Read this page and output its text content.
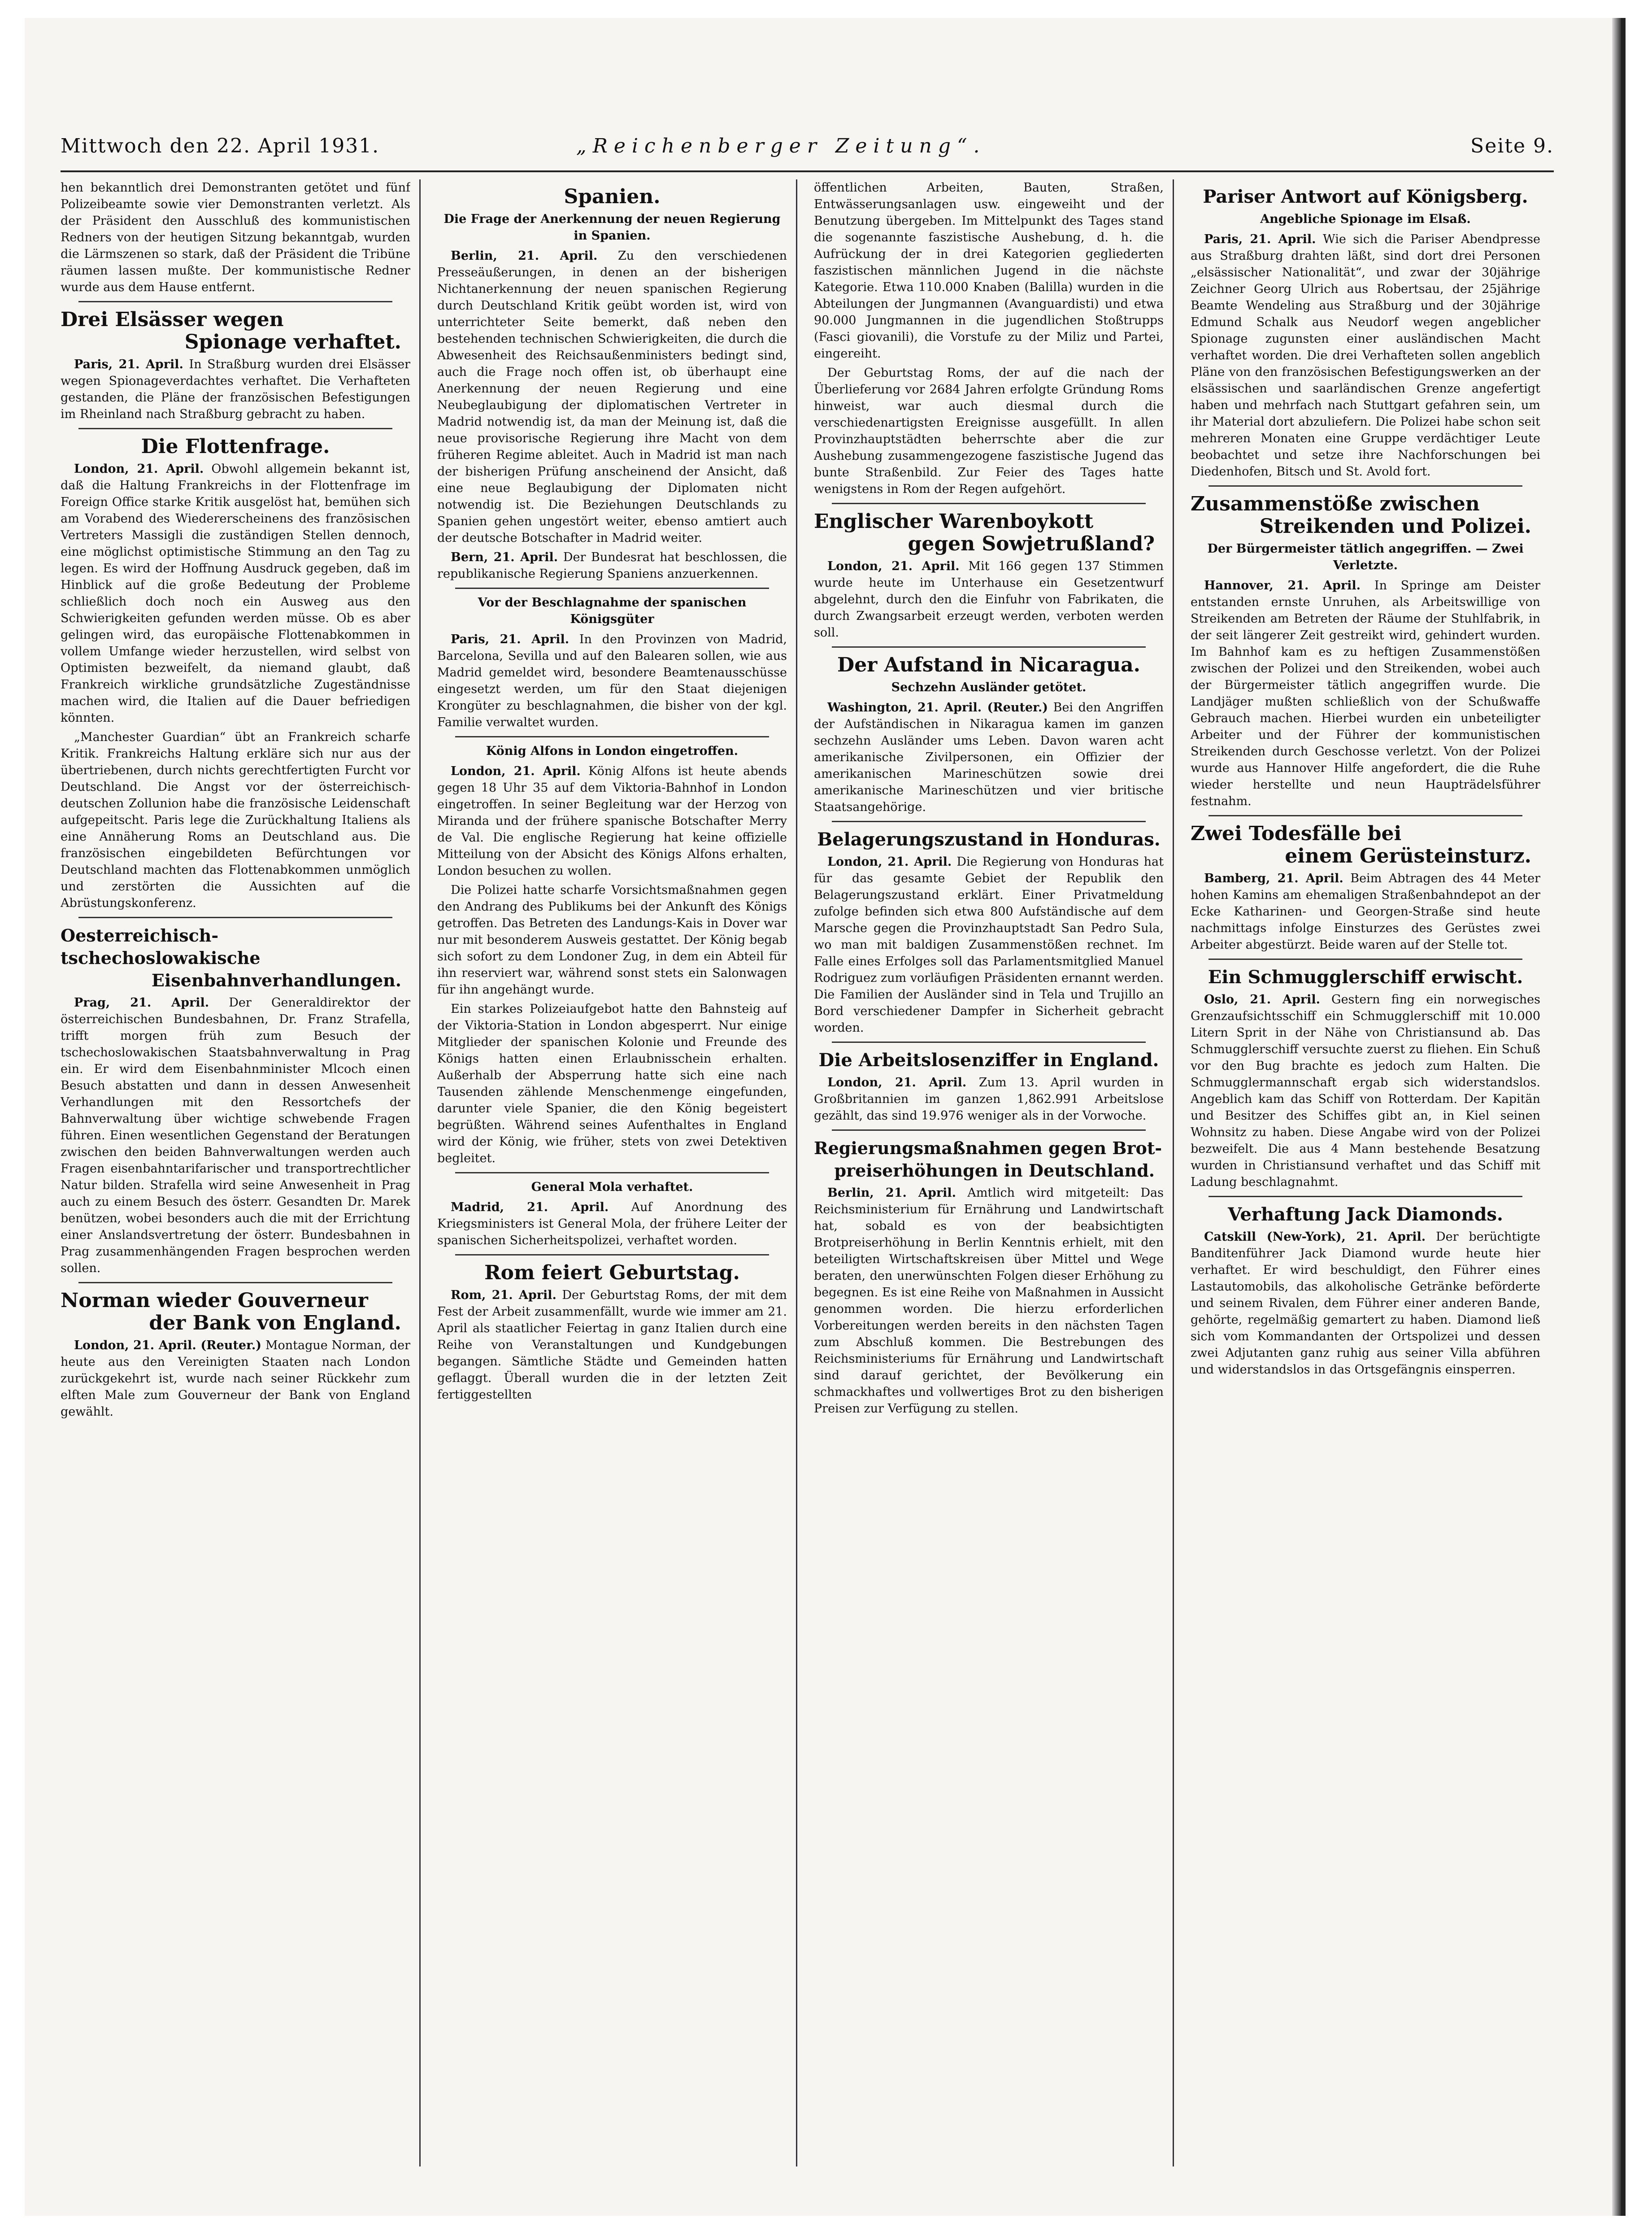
Mittwoch den 22. April 1931.	„Reichenberger Zeitung“.	Seite 9.

hen bekanntlich drei Demonstranten getötet und fünf Polizeibeamte sowie vier Demonstranten verletzt. Als der Präsident den Ausschluß des kommunistischen Redners von der heutigen Sitzung bekanntgab, wurden die Lärmszenen so stark, daß der Präsident die Tribüne räumen lassen mußte. Der kommunistische Redner wurde aus dem Hause entfernt.

Drei Elsässer wegen
Spionage verhaftet.

Paris, 21. April. In Straßburg wurden drei Elsässer wegen Spionageverdachtes verhaftet. Die Verhafteten gestanden, die Pläne der französischen Befestigungen im Rheinland nach Straßburg gebracht zu haben.

Die Flottenfrage.

London, 21. April. Obwohl allgemein bekannt ist, daß die Haltung Frankreichs in der Flottenfrage im Foreign Office starke Kritik ausgelöst hat, bemühen sich am Vorabend des Wiedererscheinens des französischen Vertreters Massigli die zuständigen Stellen dennoch, eine möglichst optimistische Stimmung an den Tag zu legen. Es wird der Hoffnung Ausdruck gegeben, daß im Hinblick auf die große Bedeutung der Probleme schließlich doch noch ein Ausweg aus den Schwierigkeiten gefunden werden müsse. Ob es aber gelingen wird, das europäische Flottenabkommen in vollem Umfange wieder herzustellen, wird selbst von Optimisten bezweifelt, da niemand glaubt, daß Frankreich wirkliche grundsätzliche Zugeständnisse machen wird, die Italien auf die Dauer befriedigen könnten.

„Manchester Guardian“ übt an Frankreich scharfe Kritik. Frankreichs Haltung erkläre sich nur aus der übertriebenen, durch nichts gerechtfertigten Furcht vor Deutschland. Die Angst vor der österreichisch-deutschen Zollunion habe die französische Leidenschaft aufgepeitscht. Paris lege die Zurückhaltung Italiens als eine Annäherung Roms an Deutschland aus. Die französischen eingebildeten Befürchtungen vor Deutschland machten das Flottenabkommen unmöglich und zerstörten die Aussichten auf die Abrüstungskonferenz.

Oesterreichisch-tschechoslowakische
Eisenbahnverhandlungen.

Prag, 21. April. Der Generaldirektor der österreichischen Bundesbahnen, Dr. Franz Strafella, trifft morgen früh zum Besuch der tschechoslowakischen Staatsbahnverwaltung in Prag ein. Er wird dem Eisenbahnminister Mlcoch einen Besuch abstatten und dann in dessen Anwesenheit Verhandlungen mit den Ressortchefs der Bahnverwaltung über wichtige schwebende Fragen führen. Einen wesentlichen Gegenstand der Beratungen zwischen den beiden Bahnverwaltungen werden auch Fragen eisenbahntarifarischer und transportrechtlicher Natur bilden. Strafella wird seine Anwesenheit in Prag auch zu einem Besuch des österr. Gesandten Dr. Marek benützen, wobei besonders auch die mit der Errichtung einer Anslandsvertretung der österr. Bundesbahnen in Prag zusammenhängenden Fragen besprochen werden sollen.

Norman wieder Gouverneur
der Bank von England.

London, 21. April. (Reuter.) Montague Norman, der heute aus den Vereinigten Staaten nach London zurückgekehrt ist, wurde nach seiner Rückkehr zum elften Male zum Gouverneur der Bank von England gewählt.

Spanien.
Die Frage der Anerkennung der neuen Regierung in Spanien.

Berlin, 21. April. Zu den verschiedenen Presseäußerungen, in denen an der bisherigen Nichtanerkennung der neuen spanischen Regierung durch Deutschland Kritik geübt worden ist, wird von unterrichteter Seite bemerkt, daß neben den bestehenden technischen Schwierigkeiten, die durch die Abwesenheit des Reichsaußenministers bedingt sind, auch die Frage noch offen ist, ob überhaupt eine Anerkennung der neuen Regierung und eine Neubeglaubigung der diplomatischen Vertreter in Madrid notwendig ist, da man der Meinung ist, daß die neue provisorische Regierung ihre Macht von dem früheren Regime ableitet. Auch in Madrid ist man nach der bisherigen Prüfung anscheinend der Ansicht, daß eine neue Beglaubigung der Diplomaten nicht notwendig ist. Die Beziehungen Deutschlands zu Spanien gehen ungestört weiter, ebenso amtiert auch der deutsche Botschafter in Madrid weiter.

Bern, 21. April. Der Bundesrat hat beschlossen, die republikanische Regierung Spaniens anzuerkennen.

Vor der Beschlagnahme der spanischen Königsgüter

Paris, 21. April. In den Provinzen von Madrid, Barcelona, Sevilla und auf den Balearen sollen, wie aus Madrid gemeldet wird, besondere Beamtenausschüsse eingesetzt werden, um für den Staat diejenigen Krongüter zu beschlagnahmen, die bisher von der kgl. Familie verwaltet wurden.

König Alfons in London eingetroffen.

London, 21. April. König Alfons ist heute abends gegen 18 Uhr 35 auf dem Viktoria-Bahnhof in London eingetroffen. In seiner Begleitung war der Herzog von Miranda und der frühere spanische Botschafter Merry de Val. Die englische Regierung hat keine offizielle Mitteilung von der Absicht des Königs Alfons erhalten, London besuchen zu wollen.

Die Polizei hatte scharfe Vorsichtsmaßnahmen gegen den Andrang des Publikums bei der Ankunft des Königs getroffen. Das Betreten des Landungs-Kais in Dover war nur mit besonderem Ausweis gestattet. Der König begab sich sofort zu dem Londoner Zug, in dem ein Abteil für ihn reserviert war, während sonst stets ein Salonwagen für ihn angehängt wurde.

Ein starkes Polizeiaufgebot hatte den Bahnsteig auf der Viktoria-Station in London abgesperrt. Nur einige Mitglieder der spanischen Kolonie und Freunde des Königs hatten einen Erlaubnisschein erhalten. Außerhalb der Absperrung hatte sich eine nach Tausenden zählende Menschenmenge eingefunden, darunter viele Spanier, die den König begeistert begrüßten. Während seines Aufenthaltes in England wird der König, wie früher, stets von zwei Detektiven begleitet.

General Mola verhaftet.

Madrid, 21. April. Auf Anordnung des Kriegsministers ist General Mola, der frühere Leiter der spanischen Sicherheitspolizei, verhaftet worden.

Rom feiert Geburtstag.

Rom, 21. April. Der Geburtstag Roms, der mit dem Fest der Arbeit zusammenfällt, wurde wie immer am 21. April als staatlicher Feiertag in ganz Italien durch eine Reihe von Veranstaltungen und Kundgebungen begangen. Sämtliche Städte und Gemeinden hatten geflaggt. Überall wurden die in der letzten Zeit fertiggestellten

öffentlichen Arbeiten, Bauten, Straßen, Entwässerungsanlagen usw. eingeweiht und der Benutzung übergeben. Im Mittelpunkt des Tages stand die sogenannte faszistische Aushebung, d. h. die Aufrückung der in drei Kategorien gegliederten faszistischen männlichen Jugend in die nächste Kategorie. Etwa 110.000 Knaben (Balilla) wurden in die Abteilungen der Jungmannen (Avanguardisti) und etwa 90.000 Jungmannen in die jugendlichen Stoßtrupps (Fasci giovanili), die Vorstufe zu der Miliz und Partei, eingereiht.

Der Geburtstag Roms, der auf die nach der Überlieferung vor 2684 Jahren erfolgte Gründung Roms hinweist, war auch diesmal durch die verschiedenartigsten Ereignisse ausgefüllt. In allen Provinzhauptstädten beherrschte aber die zur Aushebung zusammengezogene faszistische Jugend das bunte Straßenbild. Zur Feier des Tages hatte wenigstens in Rom der Regen aufgehört.

Englischer Warenboykott
gegen Sowjetrußland?

London, 21. April. Mit 166 gegen 137 Stimmen wurde heute im Unterhause ein Gesetzentwurf abgelehnt, durch den die Einfuhr von Fabrikaten, die durch Zwangsarbeit erzeugt werden, verboten werden soll.

Der Aufstand in Nicaragua.
Sechzehn Ausländer getötet.

Washington, 21. April. (Reuter.) Bei den Angriffen der Aufständischen in Nikaragua kamen im ganzen sechzehn Ausländer ums Leben. Davon waren acht amerikanische Zivilpersonen, ein Offizier der amerikanischen Marineschützen sowie drei amerikanische Marineschützen und vier britische Staatsangehörige.

Belagerungszustand in Honduras.

London, 21. April. Die Regierung von Honduras hat für das gesamte Gebiet der Republik den Belagerungszustand erklärt. Einer Privatmeldung zufolge befinden sich etwa 800 Aufständische auf dem Marsche gegen die Provinzhauptstadt San Pedro Sula, wo man mit baldigen Zusammenstößen rechnet. Im Falle eines Erfolges soll das Parlamentsmitglied Manuel Rodriguez zum vorläufigen Präsidenten ernannt werden. Die Familien der Ausländer sind in Tela und Trujillo an Bord verschiedener Dampfer in Sicherheit gebracht worden.

Die Arbeitslosenziffer in England.

London, 21. April. Zum 13. April wurden in Großbritannien im ganzen 1,862.991 Arbeitslose gezählt, das sind 19.976 weniger als in der Vorwoche.

Regierungsmaßnahmen gegen Brot-
preiserhöhungen in Deutschland.

Berlin, 21. April. Amtlich wird mitgeteilt: Das Reichsministerium für Ernährung und Landwirtschaft hat, sobald es von der beabsichtigten Brotpreiserhöhung in Berlin Kenntnis erhielt, mit den beteiligten Wirtschaftskreisen über Mittel und Wege beraten, den unerwünschten Folgen dieser Erhöhung zu begegnen. Es ist eine Reihe von Maßnahmen in Aussicht genommen worden. Die hierzu erforderlichen Vorbereitungen werden bereits in den nächsten Tagen zum Abschluß kommen. Die Bestrebungen des Reichsministeriums für Ernährung und Landwirtschaft sind darauf gerichtet, der Bevölkerung ein schmackhaftes und vollwertiges Brot zu den bisherigen Preisen zur Verfügung zu stellen.

Pariser Antwort auf Königsberg.
Angebliche Spionage im Elsaß.

Paris, 21. April. Wie sich die Pariser Abendpresse aus Straßburg drahten läßt, sind dort drei Personen „elsässischer Nationalität“, und zwar der 30jährige Zeichner Georg Ulrich aus Robertsau, der 25jährige Beamte Wendeling aus Straßburg und der 30jährige Edmund Schalk aus Neudorf wegen angeblicher Spionage zugunsten einer ausländischen Macht verhaftet worden. Die drei Verhafteten sollen angeblich Pläne von den französischen Befestigungswerken an der elsässischen und saarländischen Grenze angefertigt haben und mehrfach nach Stuttgart gefahren sein, um ihr Material dort abzuliefern. Die Polizei habe schon seit mehreren Monaten eine Gruppe verdächtiger Leute beobachtet und setze ihre Nachforschungen bei Diedenhofen, Bitsch und St. Avold fort.

Zusammenstöße zwischen
Streikenden und Polizei.
Der Bürgermeister tätlich angegriffen. — Zwei Verletzte.

Hannover, 21. April. In Springe am Deister entstanden ernste Unruhen, als Arbeitswillige von Streikenden am Betreten der Räume der Stuhlfabrik, in der seit längerer Zeit gestreikt wird, gehindert wurden. Im Bahnhof kam es zu heftigen Zusammenstößen zwischen der Polizei und den Streikenden, wobei auch der Bürgermeister tätlich angegriffen wurde. Die Landjäger mußten schließlich von der Schußwaffe Gebrauch machen. Hierbei wurden ein unbeteiligter Arbeiter und der Führer der kommunistischen Streikenden durch Geschosse verletzt. Von der Polizei wurde aus Hannover Hilfe angefordert, die die Ruhe wieder herstellte und neun Haupträdelsführer festnahm.

Zwei Todesfälle bei
einem Gerüsteinsturz.

Bamberg, 21. April. Beim Abtragen des 44 Meter hohen Kamins am ehemaligen Straßenbahndepot an der Ecke Katharinen- und Georgen-Straße sind heute nachmittags infolge Einsturzes des Gerüstes zwei Arbeiter abgestürzt. Beide waren auf der Stelle tot.

Ein Schmugglerschiff erwischt.

Oslo, 21. April. Gestern fing ein norwegisches Grenzaufsichtsschiff ein Schmugglerschiff mit 10.000 Litern Sprit in der Nähe von Christiansund ab. Das Schmugglerschiff versuchte zuerst zu fliehen. Ein Schuß vor den Bug brachte es jedoch zum Halten. Die Schmugglermannschaft ergab sich widerstandslos. Angeblich kam das Schiff von Rotterdam. Der Kapitän und Besitzer des Schiffes gibt an, in Kiel seinen Wohnsitz zu haben. Diese Angabe wird von der Polizei bezweifelt. Die aus 4 Mann bestehende Besatzung wurden in Christiansund verhaftet und das Schiff mit Ladung beschlagnahmt.

Verhaftung Jack Diamonds.

Catskill (New-York), 21. April. Der berüchtigte Banditenführer Jack Diamond wurde heute hier verhaftet. Er wird beschuldigt, den Führer eines Lastautomobils, das alkoholische Getränke beförderte und seinem Rivalen, dem Führer einer anderen Bande, gehörte, regelmäßig gemartert zu haben. Diamond ließ sich vom Kommandanten der Ortspolizei und dessen zwei Adjutanten ganz ruhig aus seiner Villa abführen und widerstandslos in das Ortsgefängnis einsperren.
